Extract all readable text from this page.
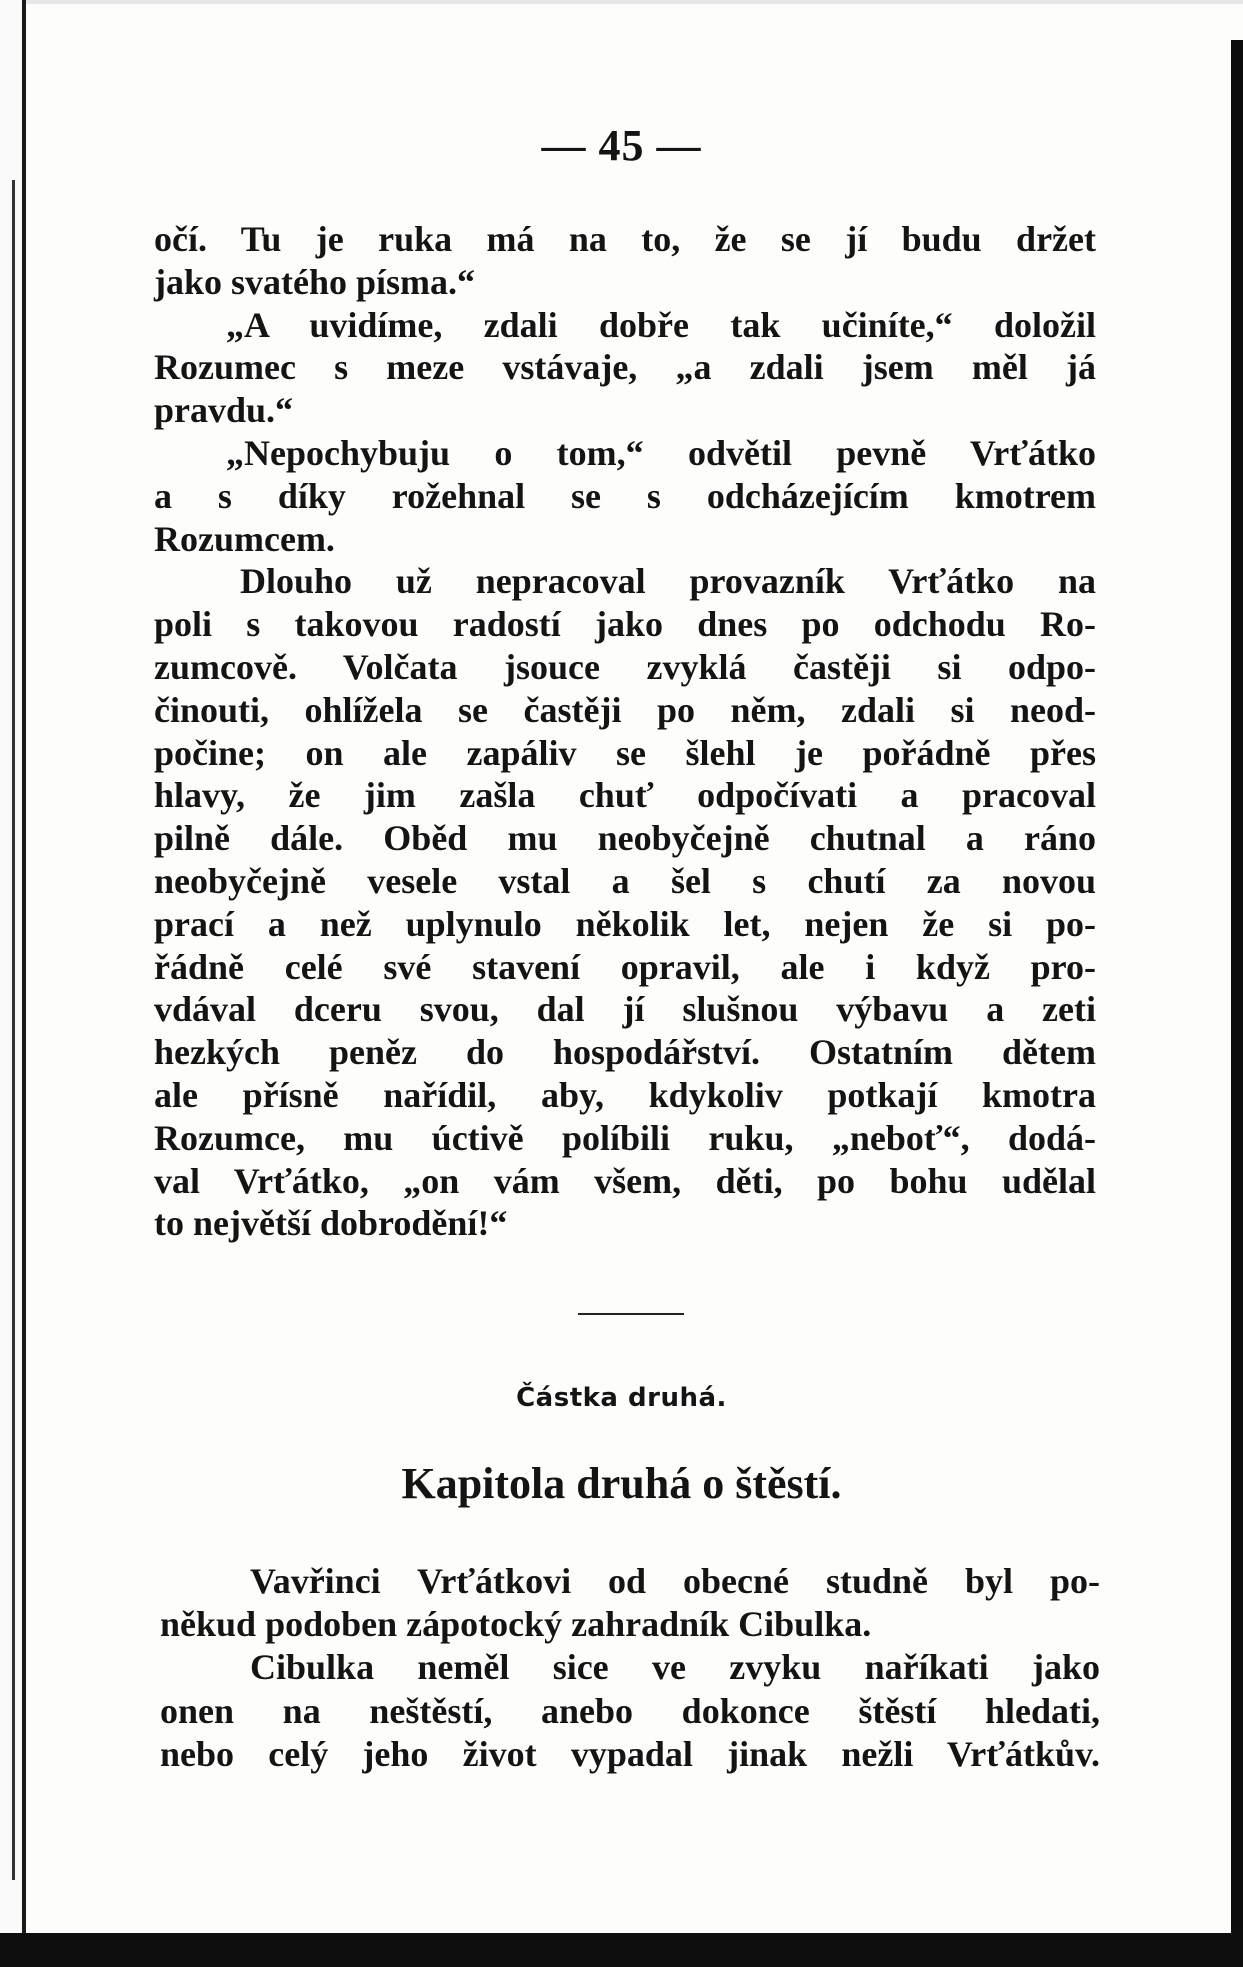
— 45 —
očí. Tu je ruka má na to, že se jí budu držet
jako svatého písma.“
„A uvidíme, zdali dobře tak učiníte,“ doložil
Rozumec s meze vstávaje, „a zdali jsem měl já
pravdu.“
„Nepochybuju o tom,“ odvětil pevně Vrťátko
a s díky rožehnal se s odcházejícím kmotrem
Rozumcem.
Dlouho už nepracoval provazník Vrťátko na
poli s takovou radostí jako dnes po odchodu Ro-
zumcově. Volčata jsouce zvyklá častěji si odpo-
činouti, ohlížela se častěji po něm, zdali si neod-
počine; on ale zapáliv se šlehl je pořádně přes
hlavy, že jim zašla chuť odpočívati a pracoval
pilně dále. Oběd mu neobyčejně chutnal a ráno
neobyčejně vesele vstal a šel s chutí za novou
prací a než uplynulo několik let, nejen že si po-
řádně celé své stavení opravil, ale i když pro-
vdával dceru svou, dal jí slušnou výbavu a zeti
hezkých peněz do hospodářství. Ostatním dětem
ale přísně nařídil, aby, kdykoliv potkají kmotra
Rozumce, mu úctivě políbili ruku, „neboť“, dodá-
val Vrťátko, „on vám všem, děti, po bohu udělal
to největší dobrodění!“
Částka druhá.
Kapitola druhá o štěstí.
Vavřinci Vrťátkovi od obecné studně byl po-
někud podoben zápotocký zahradník Cibulka.
Cibulka neměl sice ve zvyku naříkati jako
onen na neštěstí, anebo dokonce štěstí hledati,
nebo celý jeho život vypadal jinak nežli Vrťátkův.
